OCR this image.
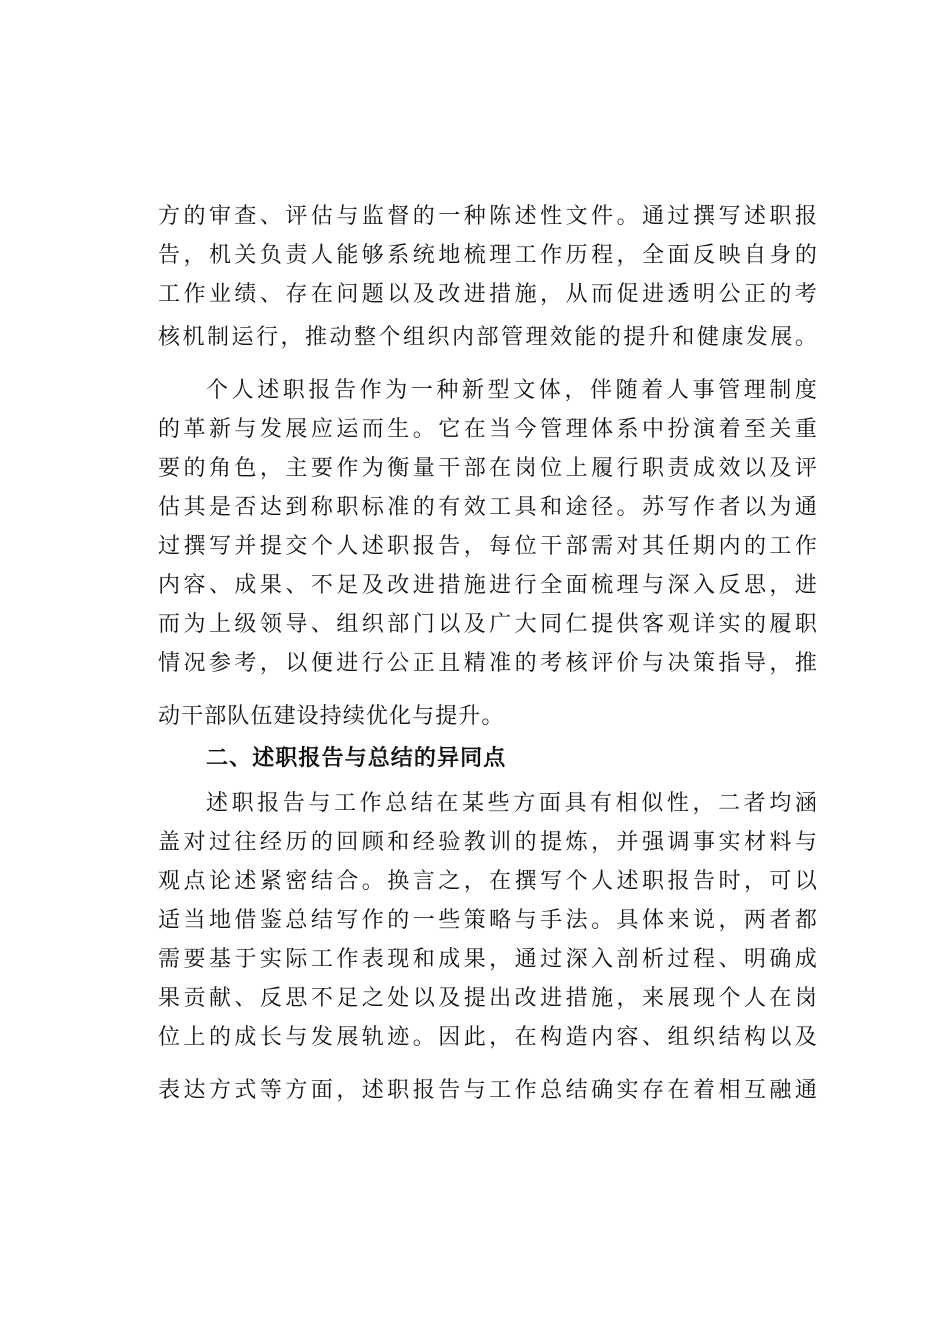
方的审查、评估与监督的一种陈述性文件。通过撰写述职报
告，机关负责人能够系统地梳理工作历程，全面反映自身的
工作业绩、存在问题以及改进措施，从而促进透明公正的考
核机制运行，推动整个组织内部管理效能的提升和健康发展。
个人述职报告作为一种新型文体，伴随着人事管理制度
的革新与发展应运而生。它在当今管理体系中扮演着至关重
要的角色，主要作为衡量干部在岗位上履行职责成效以及评
估其是否达到称职标准的有效工具和途径。苏写作者以为通
过撰写并提交个人述职报告，每位干部需对其任期内的工作
内容、成果、不足及改进措施进行全面梳理与深入反思，进
而为上级领导、组织部门以及广大同仁提供客观详实的履职
情况参考，以便进行公正且精准的考核评价与决策指导，推
动干部队伍建设持续优化与提升。
二、述职报告与总结的异同点
述职报告与工作总结在某些方面具有相似性，二者均涵
盖对过往经历的回顾和经验教训的提炼，并强调事实材料与
观点论述紧密结合。换言之，在撰写个人述职报告时，可以
适当地借鉴总结写作的一些策略与手法。具体来说，两者都
需要基于实际工作表现和成果，通过深入剖析过程、明确成
果贡献、反思不足之处以及提出改进措施，来展现个人在岗
位上的成长与发展轨迹。因此，在构造内容、组织结构以及
表达方式等方面，述职报告与工作总结确实存在着相互融通
